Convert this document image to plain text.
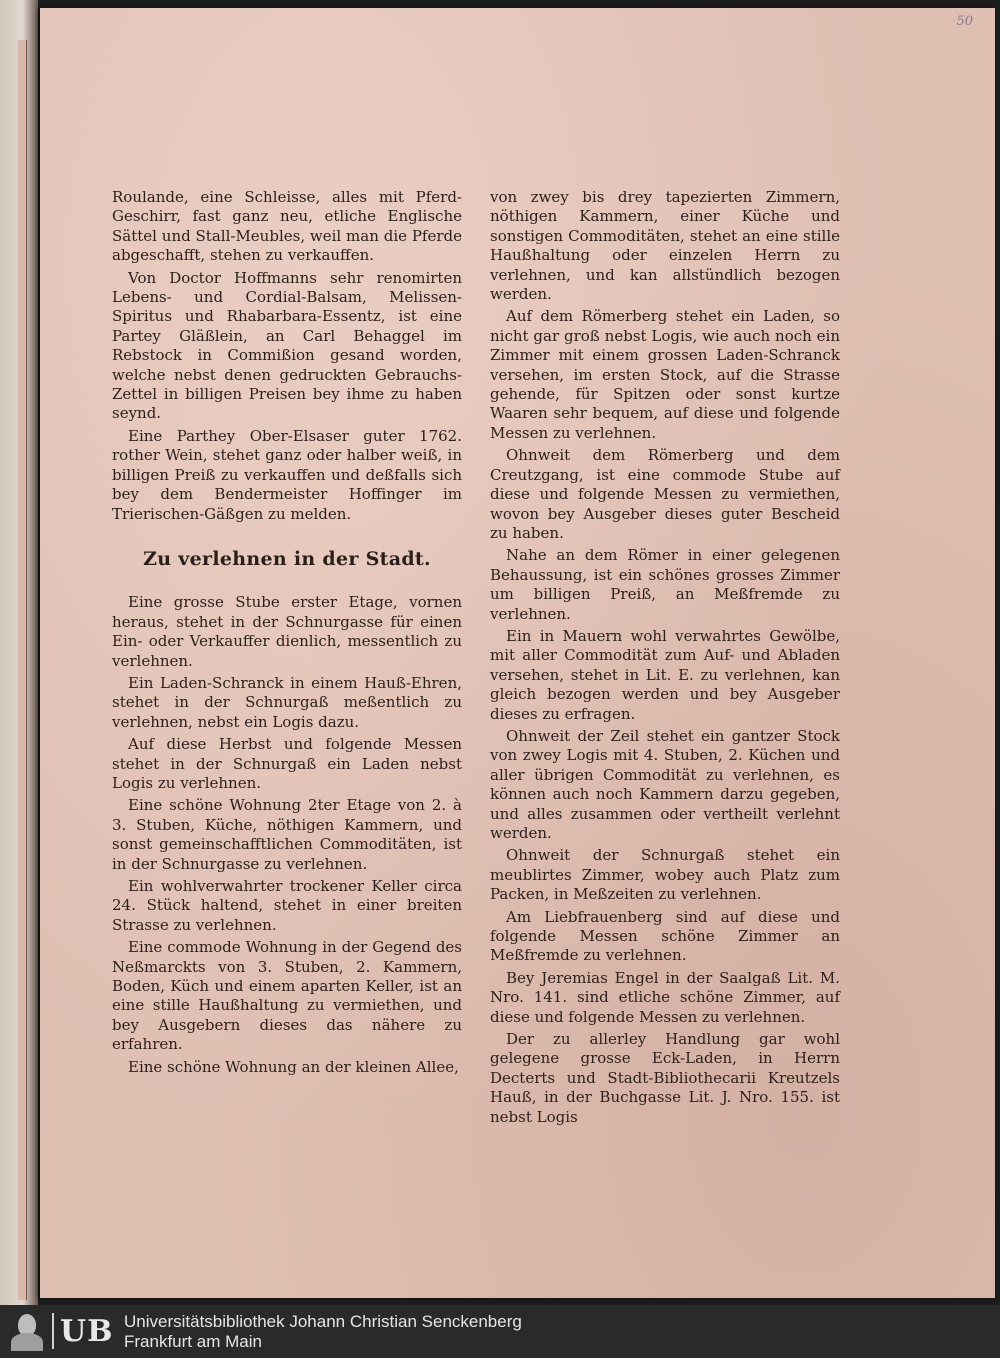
50

Roulande, eine Schleisse, alles mit Pferd-Geschirr, fast ganz neu, etliche Englische Sättel und Stall-Meubles, weil man die Pferde abgeschafft, stehen zu verkauffen.

Von Doctor Hoffmanns sehr renomirten Lebens- und Cordial-Balsam, Melissen-Spiritus und Rhabarbara-Essentz, ist eine Partey Gläßlein, an Carl Behaggel im Rebstock in Commißion gesand worden, welche nebst denen gedruckten Gebrauchs-Zettel in billigen Preisen bey ihme zu haben seynd.

Eine Parthey Ober-Elsaser guter 1762. rother Wein, stehet ganz oder halber weiß, in billigen Preiß zu verkauffen und deßfalls sich bey dem Bendermeister Hoffinger im Trierischen-Gäßgen zu melden.

Zu verlehnen in der Stadt.

Eine grosse Stube erster Etage, vornen heraus, stehet in der Schnurgasse für einen Ein- oder Verkauffer dienlich, messentlich zu verlehnen.

Ein Laden-Schranck in einem Hauß-Ehren, stehet in der Schnurgaß meßentlich zu verlehnen, nebst ein Logis dazu.

Auf diese Herbst und folgende Messen stehet in der Schnurgaß ein Laden nebst Logis zu verlehnen.

Eine schöne Wohnung 2ter Etage von 2. à 3. Stuben, Küche, nöthigen Kammern, und sonst gemeinschafftlichen Commoditäten, ist in der Schnurgasse zu verlehnen.

Ein wohlverwahrter trockener Keller circa 24. Stück haltend, stehet in einer breiten Strasse zu verlehnen.

Eine commode Wohnung in der Gegend des Neßmarckts von 3. Stuben, 2. Kammern, Boden, Küch und einem aparten Keller, ist an eine stille Haußhaltung zu vermiethen, und bey Ausgebern dieses das nähere zu erfahren.

Eine schöne Wohnung an der kleinen Allee,

von zwey bis drey tapezierten Zimmern, nöthigen Kammern, einer Küche und sonstigen Commoditäten, stehet an eine stille Haußhaltung oder einzelen Herrn zu verlehnen, und kan allstündlich bezogen werden.

Auf dem Römerberg stehet ein Laden, so nicht gar groß nebst Logis, wie auch noch ein Zimmer mit einem grossen Laden-Schranck versehen, im ersten Stock, auf die Strasse gehende, für Spitzen oder sonst kurtze Waaren sehr bequem, auf diese und folgende Messen zu verlehnen.

Ohnweit dem Römerberg und dem Creutzgang, ist eine commode Stube auf diese und folgende Messen zu vermiethen, wovon bey Ausgeber dieses guter Bescheid zu haben.

Nahe an dem Römer in einer gelegenen Behaussung, ist ein schönes grosses Zimmer um billigen Preiß, an Meßfremde zu verlehnen.

Ein in Mauern wohl verwahrtes Gewölbe, mit aller Commodität zum Auf- und Abladen versehen, stehet in Lit. E. zu verlehnen, kan gleich bezogen werden und bey Ausgeber dieses zu erfragen.

Ohnweit der Zeil stehet ein gantzer Stock von zwey Logis mit 4. Stuben, 2. Küchen und aller übrigen Commodität zu verlehnen, es können auch noch Kammern darzu gegeben, und alles zusammen oder vertheilt verlehnt werden.

Ohnweit der Schnurgaß stehet ein meublirtes Zimmer, wobey auch Platz zum Packen, in Meßzeiten zu verlehnen.

Am Liebfrauenberg sind auf diese und folgende Messen schöne Zimmer an Meßfremde zu verlehnen.

Bey Jeremias Engel in der Saalgaß Lit. M. Nro. 141. sind etliche schöne Zimmer, auf diese und folgende Messen zu verlehnen.

Der zu allerley Handlung gar wohl gelegene grosse Eck-Laden, in Herrn Decterts und Stadt-Bibliothecarii Kreutzels Hauß, in der Buchgasse Lit. J. Nro. 155. ist nebst Logis

UB Universitätsbibliothek Johann Christian Senckenberg
Frankfurt am Main
